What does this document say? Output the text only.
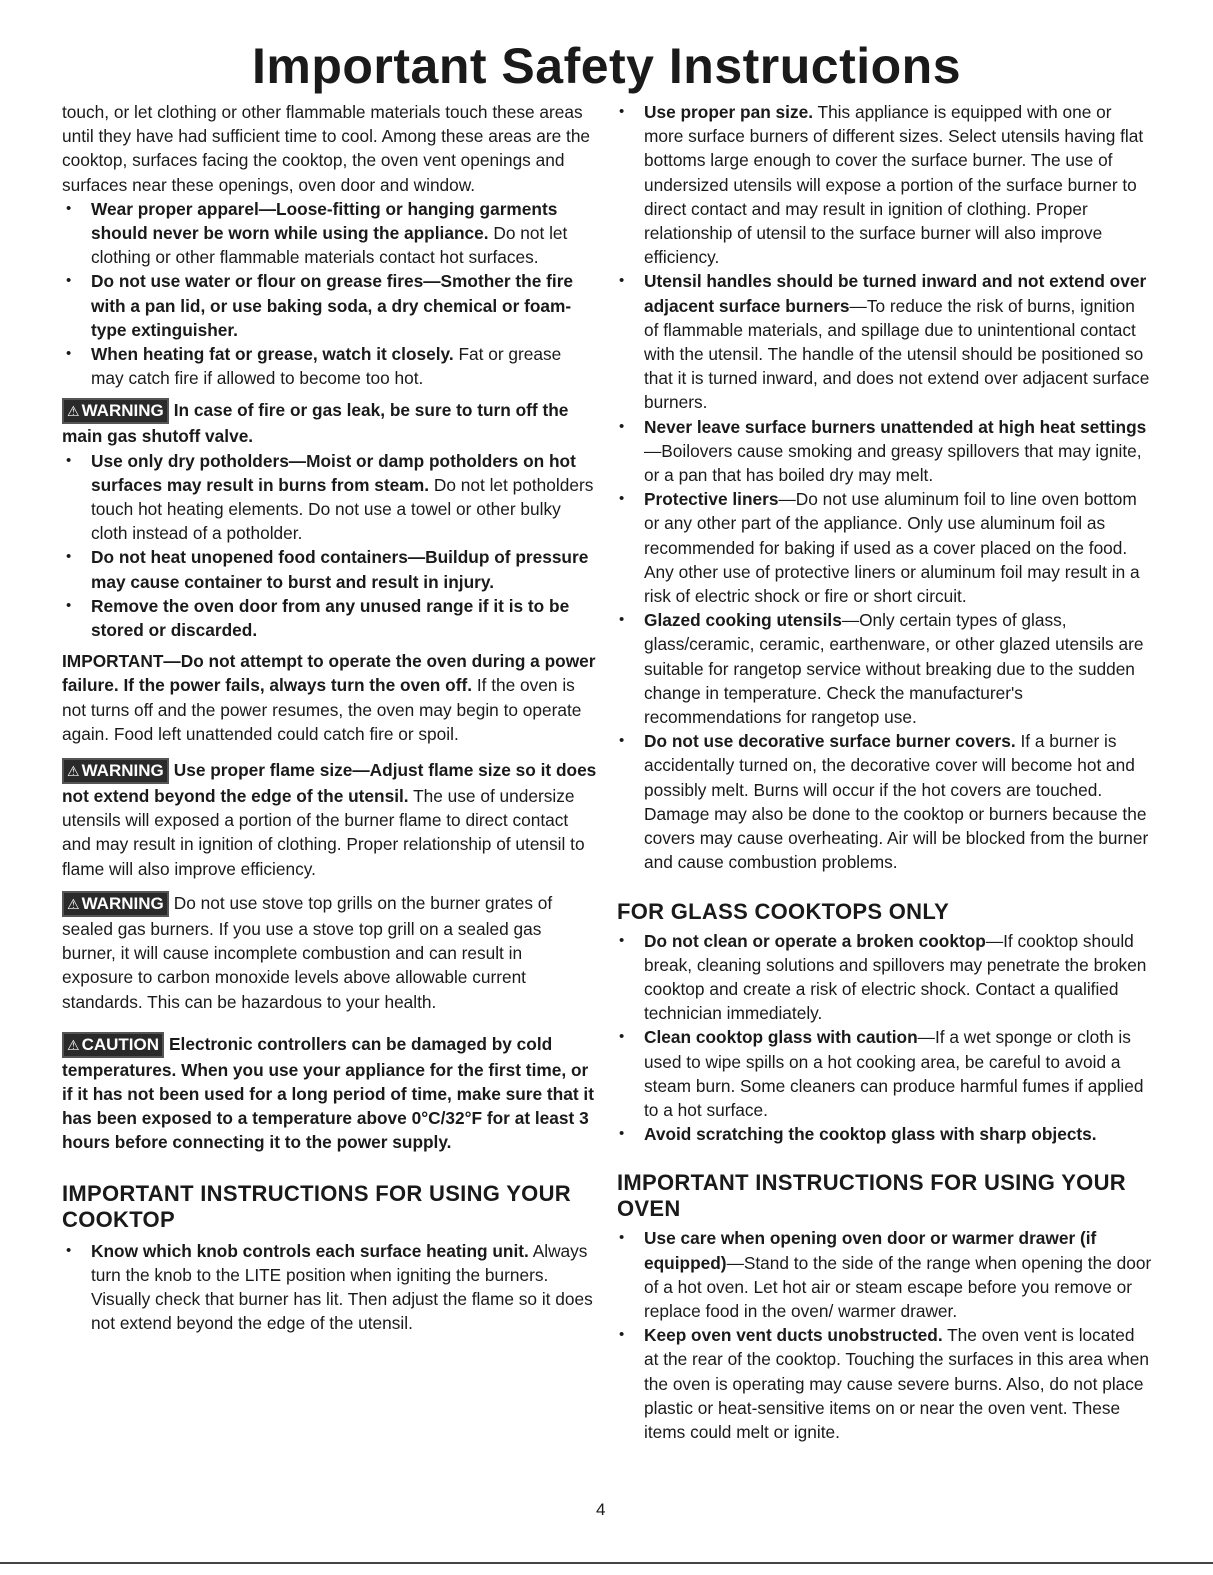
Important Safety Instructions

touch, or let clothing or other flammable materials touch these areas until they have had sufficient time to cool. Among these areas are the cooktop, surfaces facing the cooktop, the oven vent openings and surfaces near these openings, oven door and window.

• Wear proper apparel—Loose-fitting or hanging garments should never be worn while using the appliance. Do not let clothing or other flammable materials contact hot surfaces.

• Do not use water or flour on grease fires—Smother the fire with a pan lid, or use baking soda, a dry chemical or foam-type extinguisher.

• When heating fat or grease, watch it closely. Fat or grease may catch fire if allowed to become too hot.

⚠ WARNING In case of fire or gas leak, be sure to turn off the main gas shutoff valve.

• Use only dry potholders—Moist or damp potholders on hot surfaces may result in burns from steam. Do not let potholders touch hot heating elements. Do not use a towel or other bulky cloth instead of a potholder.

• Do not heat unopened food containers—Buildup of pressure may cause container to burst and result in injury.

• Remove the oven door from any unused range if it is to be stored or discarded.

IMPORTANT—Do not attempt to operate the oven during a power failure. If the power fails, always turn the oven off. If the oven is not turns off and the power resumes, the oven may begin to operate again. Food left unattended could catch fire or spoil.

⚠ WARNING Use proper flame size—Adjust flame size so it does not extend beyond the edge of the utensil. The use of undersize utensils will exposed a portion of the burner flame to direct contact and may result in ignition of clothing. Proper relationship of utensil to flame will also improve efficiency.

⚠ WARNING Do not use stove top grills on the burner grates of sealed gas burners. If you use a stove top grill on a sealed gas burner, it will cause incomplete combustion and can result in exposure to carbon monoxide levels above allowable current standards. This can be hazardous to your health.

⚠ CAUTION Electronic controllers can be damaged by cold temperatures. When you use your appliance for the first time, or if it has not been used for a long period of time, make sure that it has been exposed to a temperature above 0°C/32°F for at least 3 hours before connecting it to the power supply.

IMPORTANT INSTRUCTIONS FOR USING YOUR COOKTOP

• Know which knob controls each surface heating unit. Always turn the knob to the LITE position when igniting the burners. Visually check that burner has lit. Then adjust the flame so it does not extend beyond the edge of the utensil.

• Use proper pan size. This appliance is equipped with one or more surface burners of different sizes. Select utensils having flat bottoms large enough to cover the surface burner. The use of undersized utensils will expose a portion of the surface burner to direct contact and may result in ignition of clothing. Proper relationship of utensil to the surface burner will also improve efficiency.

• Utensil handles should be turned inward and not extend over adjacent surface burners—To reduce the risk of burns, ignition of flammable materials, and spillage due to unintentional contact with the utensil. The handle of the utensil should be positioned so that it is turned inward, and does not extend over adjacent surface burners.

• Never leave surface burners unattended at high heat settings—Boilovers cause smoking and greasy spillovers that may ignite, or a pan that has boiled dry may melt.

• Protective liners—Do not use aluminum foil to line oven bottom or any other part of the appliance. Only use aluminum foil as recommended for baking if used as a cover placed on the food. Any other use of protective liners or aluminum foil may result in a risk of electric shock or fire or short circuit.

• Glazed cooking utensils—Only certain types of glass, glass/ceramic, ceramic, earthenware, or other glazed utensils are suitable for rangetop service without breaking due to the sudden change in temperature. Check the manufacturer's recommendations for rangetop use.

• Do not use decorative surface burner covers. If a burner is accidentally turned on, the decorative cover will become hot and possibly melt. Burns will occur if the hot covers are touched. Damage may also be done to the cooktop or burners because the covers may cause overheating. Air will be blocked from the burner and cause combustion problems.

FOR GLASS COOKTOPS ONLY

• Do not clean or operate a broken cooktop—If cooktop should break, cleaning solutions and spillovers may penetrate the broken cooktop and create a risk of electric shock. Contact a qualified technician immediately.

• Clean cooktop glass with caution—If a wet sponge or cloth is used to wipe spills on a hot cooking area, be careful to avoid a steam burn. Some cleaners can produce harmful fumes if applied to a hot surface.

• Avoid scratching the cooktop glass with sharp objects.

IMPORTANT INSTRUCTIONS FOR USING YOUR OVEN

• Use care when opening oven door or warmer drawer (if equipped)—Stand to the side of the range when opening the door of a hot oven. Let hot air or steam escape before you remove or replace food in the oven/ warmer drawer.

• Keep oven vent ducts unobstructed. The oven vent is located at the rear of the cooktop. Touching the surfaces in this area when the oven is operating may cause severe burns. Also, do not place plastic or heat-sensitive items on or near the oven vent. These items could melt or ignite.

4
